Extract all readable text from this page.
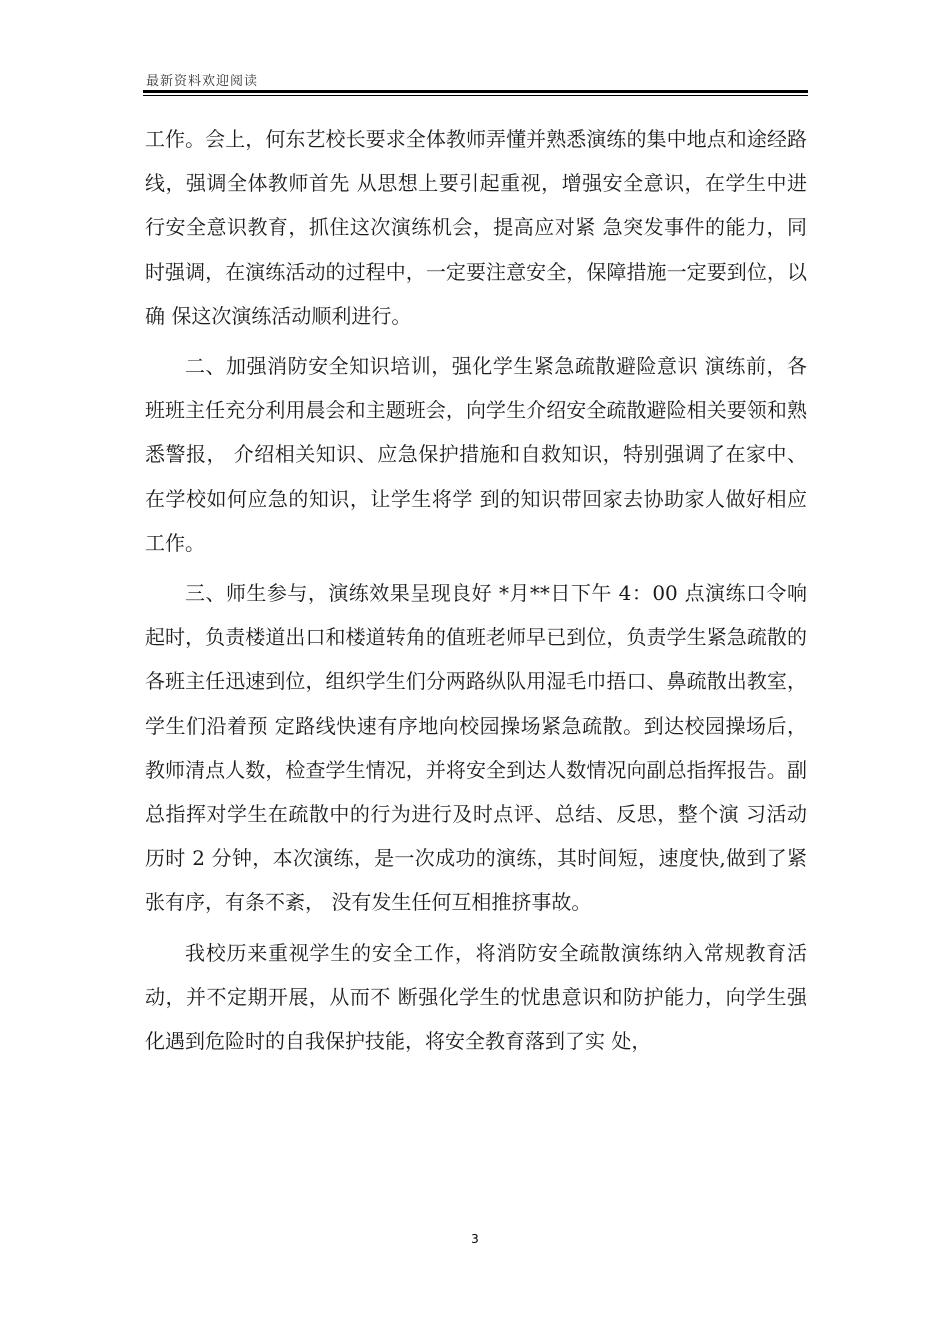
最新资料欢迎阅读

工作。会上，何东艺校长要求全体教师弄懂并熟悉演练的集中地点和途经路线，强调全体教师首先 从思想上要引起重视，增强安全意识，在学生中进行安全意识教育，抓住这次演练机会，提高应对紧 急突发事件的能力，同时强调，在演练活动的过程中，一定要注意安全，保障措施一定要到位，以确 保这次演练活动顺利进行。

二、加强消防安全知识培训，强化学生紧急疏散避险意识 演练前，各班班主任充分利用晨会和主题班会，向学生介绍安全疏散避险相关要领和熟悉警报， 介绍相关知识、应急保护措施和自救知识，特别强调了在家中、在学校如何应急的知识，让学生将学 到的知识带回家去协助家人做好相应工作。

三、师生参与，演练效果呈现良好 *月**日下午 4：00 点演练口令响起时，负责楼道出口和楼道转角的值班老师早已到位，负责学生紧急疏散的各班主任迅速到位，组织学生们分两路纵队用湿毛巾捂口、鼻疏散出教室，学生们沿着预 定路线快速有序地向校园操场紧急疏散。到达校园操场后，教师清点人数，检查学生情况，并将安全到达人数情况向副总指挥报告。副总指挥对学生在疏散中的行为进行及时点评、总结、反思，整个演 习活动历时 2 分钟，本次演练，是一次成功的演练，其时间短，速度快,做到了紧张有序，有条不紊， 没有发生任何互相推挤事故。

我校历来重视学生的安全工作，将消防安全疏散演练纳入常规教育活动，并不定期开展，从而不 断强化学生的忧患意识和防护能力，向学生强化遇到危险时的自我保护技能，将安全教育落到了实 处，

3
